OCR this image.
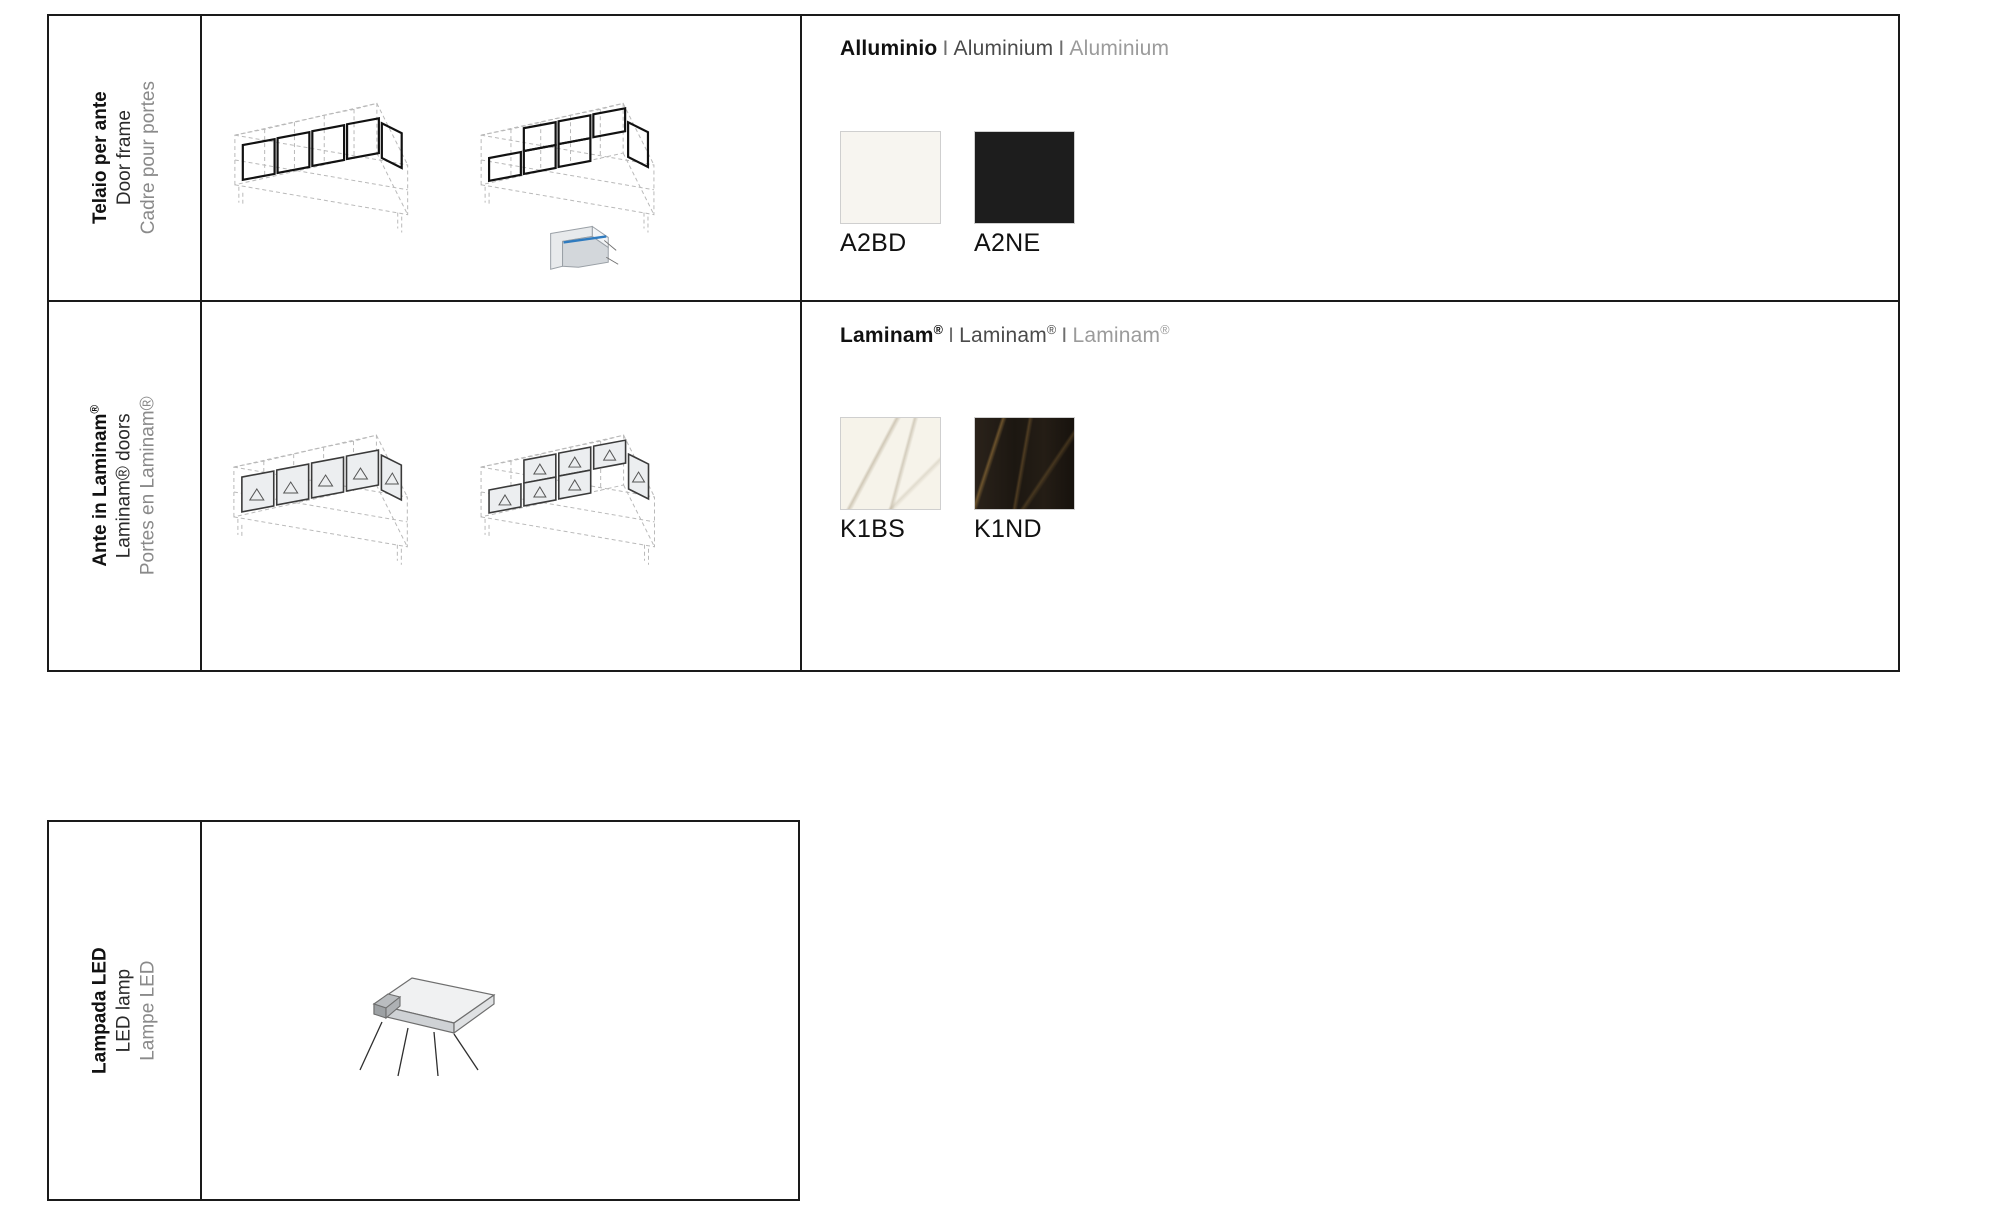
Telaio per ante Door frame Cadre pour portes
Alluminio I Aluminium I Aluminium
A2BD	A2NE
Ante in Laminam®
Laminam® doors Portes en Laminam®
Laminam® I Laminam® I Laminam®
K1BS	K1ND
Lampada LED LED lamp Lampe LED
